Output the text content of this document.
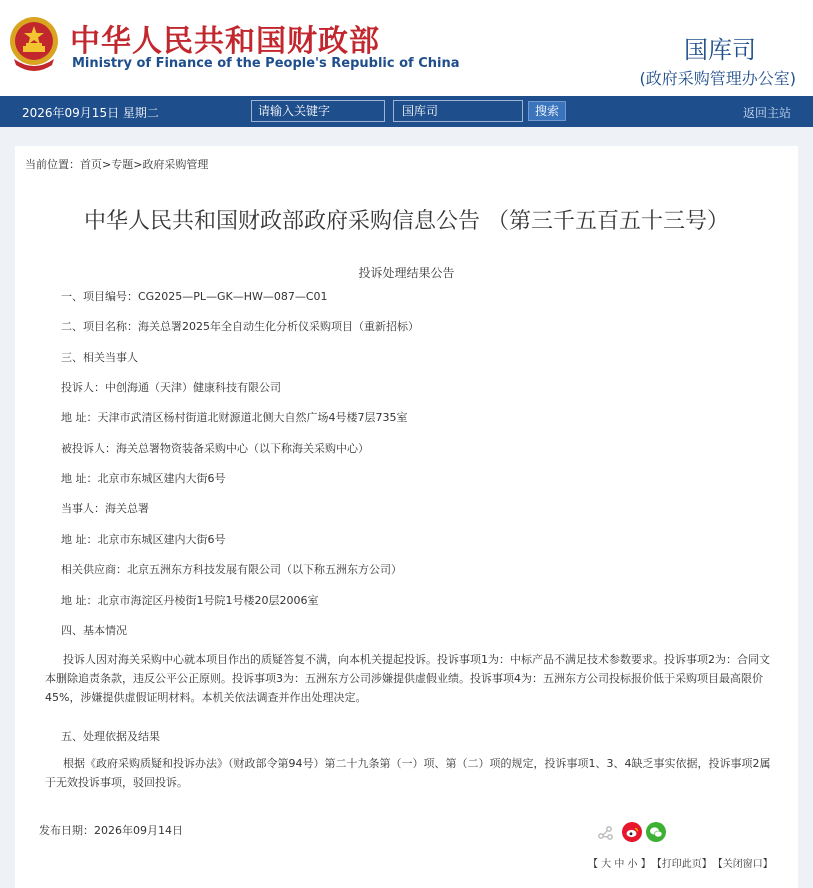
中华人民共和国财政部
Ministry of Finance of the People's Republic of China	国库司
(政府采购管理办公室)
2026年09月15日 星期二	请输入关键字	国库司	搜索	返回主站
当前位置：首页>专题>政府采购管理
中华人民共和国财政部政府采购信息公告 （第三千五百五十三号）
投诉处理结果公告
一、项目编号：CG2025—PL—GK—HW—087—C01
二、项目名称：海关总署2025年全自动生化分析仪采购项目（重新招标）
三、相关当事人
投诉人：中创海通（天津）健康科技有限公司
地 址：天津市武清区杨村街道北财源道北侧大自然广场4号楼7层735室
被投诉人：海关总署物资装备采购中心（以下称海关采购中心）
地 址：北京市东城区建内大街6号
当事人：海关总署
地 址：北京市东城区建内大街6号
相关供应商：北京五洲东方科技发展有限公司（以下称五洲东方公司）
地 址：北京市海淀区丹棱街1号院1号楼20层2006室
四、基本情况
投诉人因对海关采购中心就本项目作出的质疑答复不满，向本机关提起投诉。投诉事项1为：中标产品不满足技术参数要求。投诉事项2为：合同文本删除追责条款，违反公平公正原则。投诉事项3为：五洲东方公司涉嫌提供虚假业绩。投诉事项4为：五洲东方公司投标报价低于采购项目最高限价45%，涉嫌提供虚假证明材料。本机关依法调查并作出处理决定。
五、处理依据及结果
根据《政府采购质疑和投诉办法》（财政部令第94号）第二十九条第（一）项、第（二）项的规定，投诉事项1、3、4缺乏事实依据，投诉事项2属于无效投诉事项，驳回投诉。
发布日期：2026年09月14日
【 大 中 小 】 【打印此页】 【关闭窗口】
